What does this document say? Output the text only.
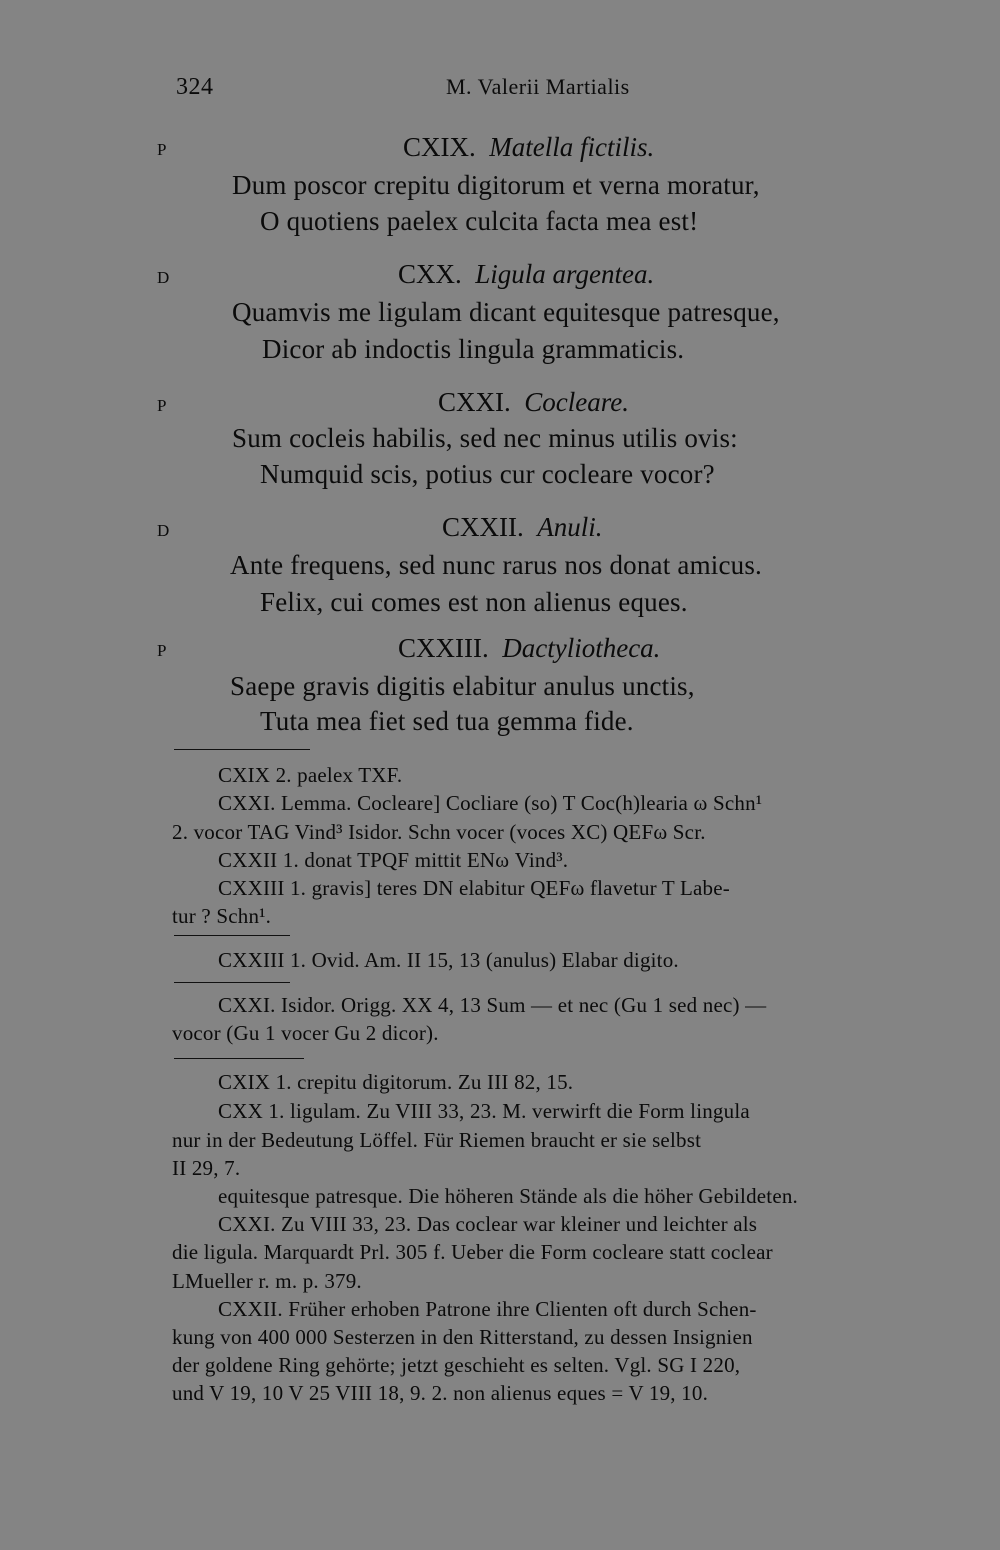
324	M. Valerii Martialis
P	CXIX. Matella fictilis.
Dum poscor crepitu digitorum et verna moratur,
O quotiens paelex culcita facta mea est!
D	CXX. Ligula argentea.
Quamvis me ligulam dicant equitesque patresque,
Dicor ab indoctis lingula grammaticis.
P	CXXI. Cocleare.
Sum cocleis habilis, sed nec minus utilis ovis:
Numquid scis, potius cur cocleare vocor?
D	CXXII. Anuli.
Ante frequens, sed nunc rarus nos donat amicus.
Felix, cui comes est non alienus eques.
P	CXXIII. Dactyliotheca.
Saepe gravis digitis elabitur anulus unctis,
Tuta mea fiet sed tua gemma fide.
CXIX 2. paelex TXF.
CXXI. Lemma. Cocleare] Cocliare (so) T Coc(h)learia ω Schn¹
2. vocor TAG Vind³ Isidor. Schn vocer (voces XC) QEFω Scr.
CXXII 1. donat TPQF mittit ENω Vind³.
CXXIII 1. gravis] teres DN elabitur QEFω flavetur T Labe-
tur ? Schn¹.
CXXIII 1. Ovid. Am. II 15, 13 (anulus) Elabar digito.
CXXI. Isidor. Origg. XX 4, 13 Sum — et nec (Gu 1 sed nec) —
vocor (Gu 1 vocer Gu 2 dicor).
CXIX 1. crepitu digitorum. Zu III 82, 15.
CXX 1. ligulam. Zu VIII 33, 23. M. verwirft die Form lingula
nur in der Bedeutung Löffel. Für Riemen braucht er sie selbst
II 29, 7.
equitesque patresque. Die höheren Stände als die höher Gebildeten.
CXXI. Zu VIII 33, 23. Das coclear war kleiner und leichter als
die ligula. Marquardt Prl. 305 f. Ueber die Form cocleare statt coclear
LMueller r. m. p. 379.
CXXII. Früher erhoben Patrone ihre Clienten oft durch Schen-
kung von 400 000 Sesterzen in den Ritterstand, zu dessen Insignien
der goldene Ring gehörte; jetzt geschieht es selten. Vgl. SG I 220,
und V 19, 10 V 25 VIII 18, 9. 2. non alienus eques = V 19, 10.
